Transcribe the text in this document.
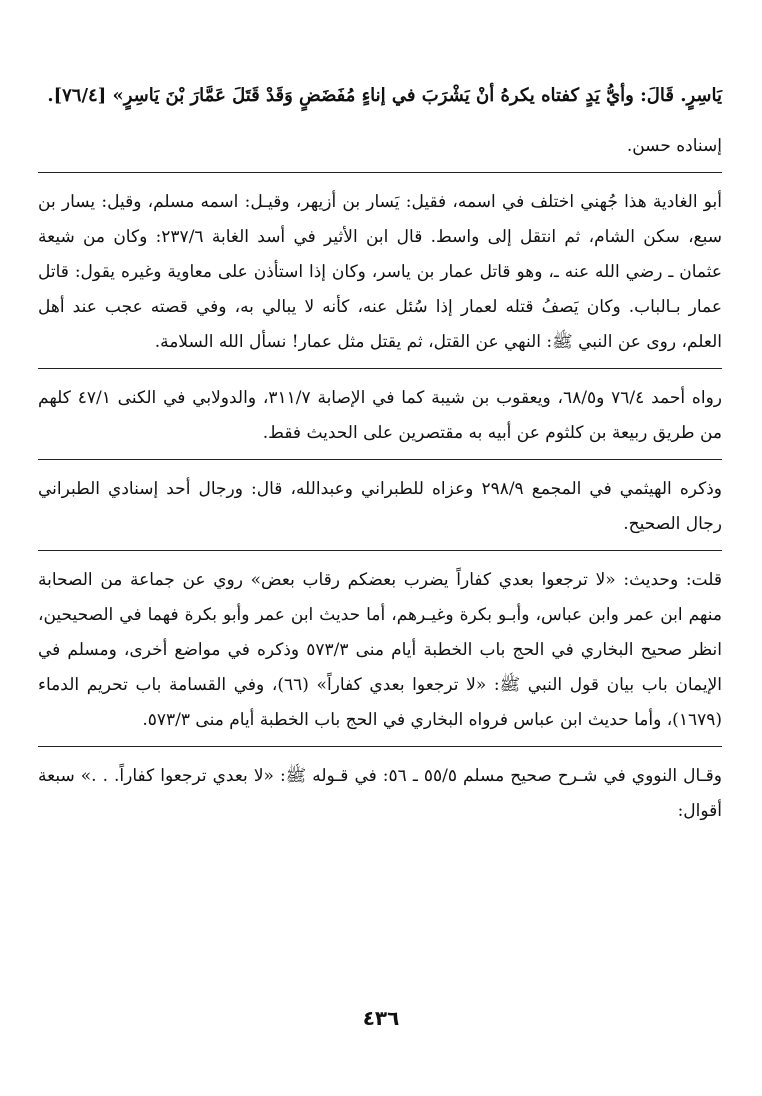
يَاسِرٍ. قَالَ: وأيُّ يَدٍ كفتاه يكرهُ أنْ يَشْرَبَ في إناءٍ مُفَضَضٍ وَقَدْ قَتَلَ عَمَّارَ بْنَ يَاسِرٍ» [٧٦/٤].

إسناده حسن.

أبو الغادية هذا جُهني اختلف في اسمه، فقيل: يَسار بن أزيهر، وقيـل: اسمه مسلم، وقيل: يسار بن سبع، سكن الشام، ثم انتقل إلى واسط. قال ابن الأثير في أسد الغابة ٢٣٧/٦: وكان من شيعة عثمان ـ رضي الله عنه ـ، وهو قاتل عمار بن ياسر، وكان إذا استأذن على معاوية وغيره يقول: قاتل عمار بـالباب. وكان يَصفُ قتله لعمار إذا سُئل عنه، كأنه لا يبالي به، وفي قصته عجب عند أهل العلم، روى عن النبي ﷺ: النهي عن القتل، ثم يقتل مثل عمار! نسأل الله السلامة.

رواه أحمد ٧٦/٤ و٦٨/٥، ويعقوب بن شيبة كما في الإصابة ٣١١/٧، والدولابي في الكنى ٤٧/١ كلهم من طريق ربيعة بن كلثوم عن أبيه به مقتصرين على الحديث فقط.

وذكره الهيثمي في المجمع ٢٩٨/٩ وعزاه للطبراني وعبدالله، قال: ورجال أحد إسنادي الطبراني رجال الصحيح.

قلت: وحديث: «لا ترجعوا بعدي كفاراً يضرب بعضكم رقاب بعض» روي عن جماعة من الصحابة منهم ابن عمر وابن عباس، وأبـو بكرة وغيـرهم، أما حديث ابن عمر وأبو بكرة فهما في الصحيحين، انظر صحيح البخاري في الحج باب الخطبة أيام منى ٥٧٣/٣ وذكره في مواضع أخرى، ومسلم في الإيمان باب بيان قول النبي ﷺ: «لا ترجعوا بعدي كفاراً» (٦٦)، وفي القسامة باب تحريم الدماء (١٦٧٩)، وأما حديث ابن عباس فرواه البخاري في الحج باب الخطبة أيام منى ٥٧٣/٣.

وقـال النووي في شـرح صحيح مسلم ٥٥/٥ ـ ٥٦: في قـوله ﷺ: «لا بعدي ترجعوا كفاراً. . .» سبعة أقوال:

٤٣٦
